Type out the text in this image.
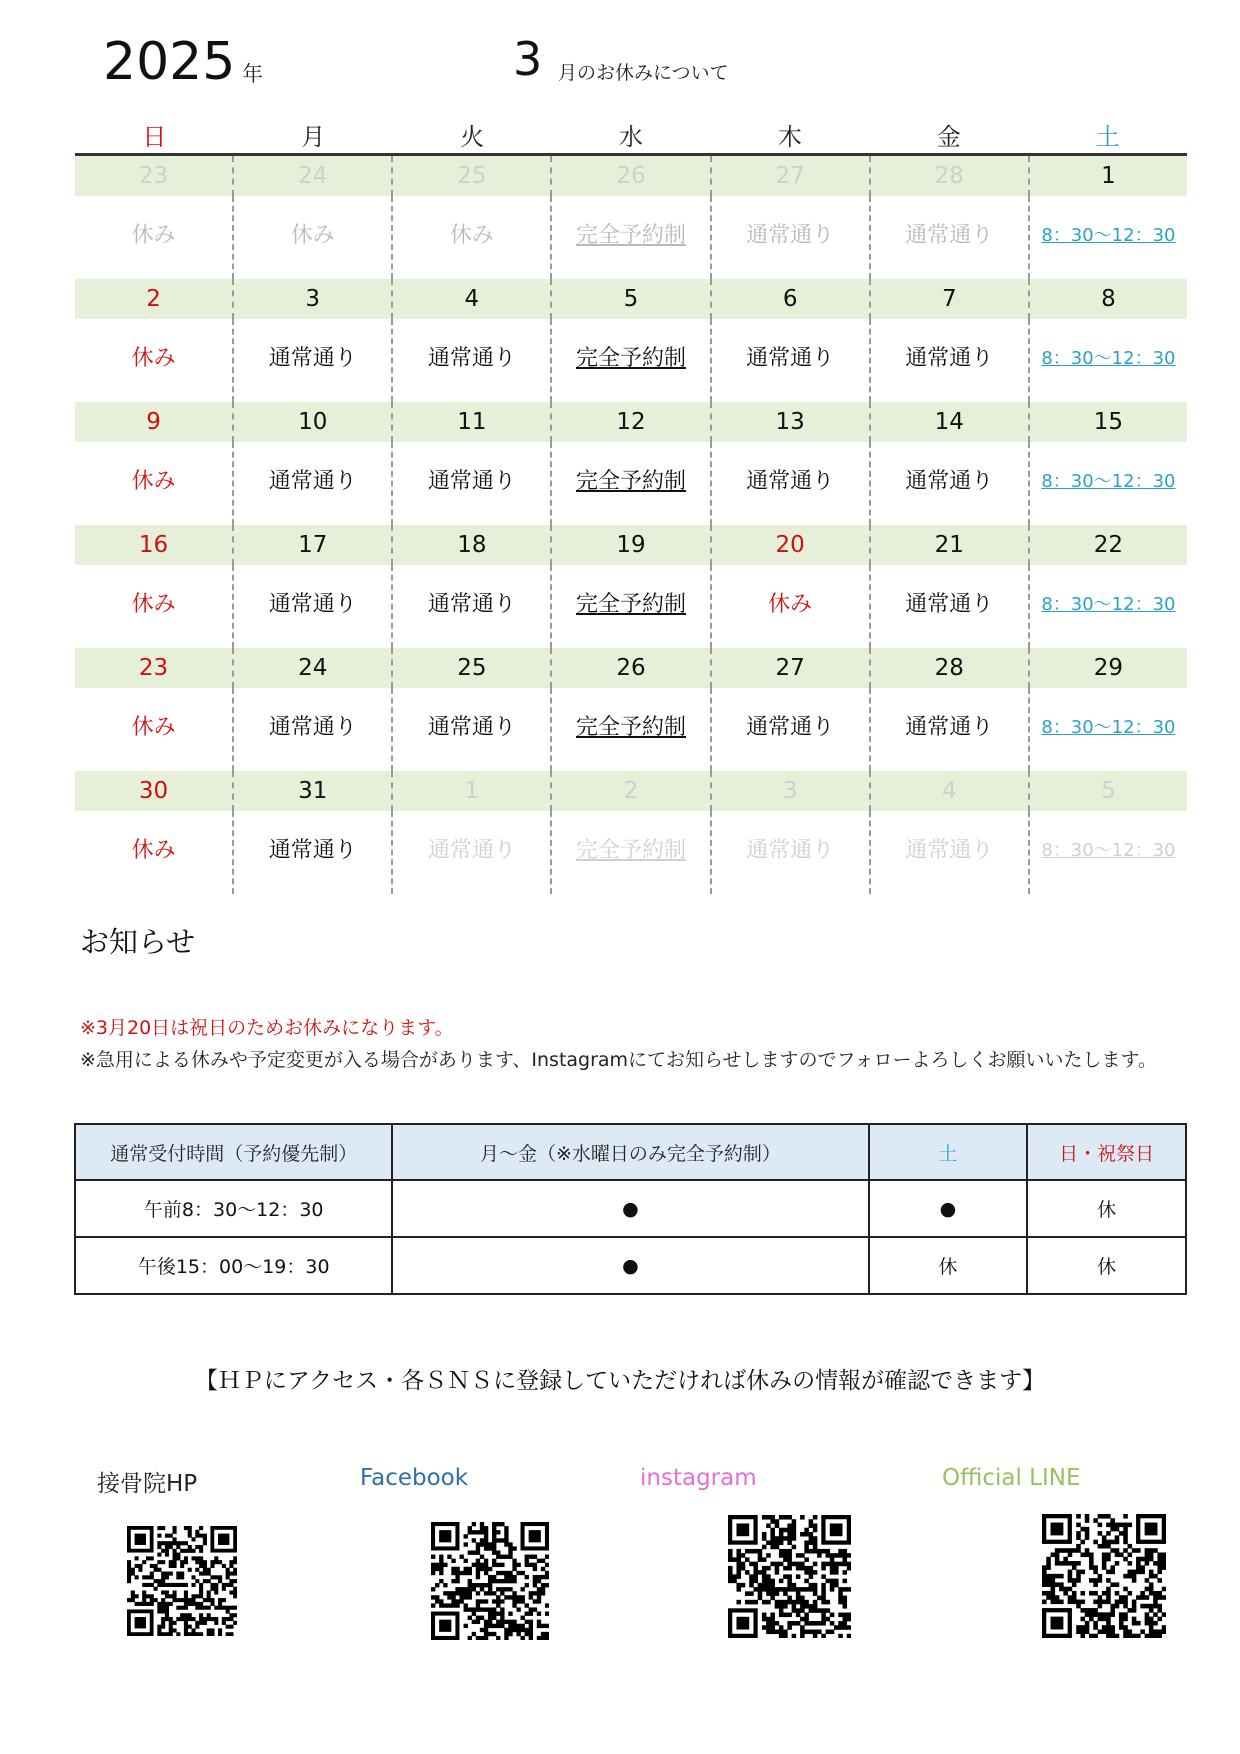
2025 年	3 月のお休みについて
日	月	火	水	木	金	土
23	24	25	26	27	28	1
休み	休み	休み	完全予約制	通常通り	通常通り	8：30～12：30
2	3	4	5	6	7	8
休み	通常通り	通常通り	完全予約制	通常通り	通常通り	8：30～12：30
9	10	11	12	13	14	15
休み	通常通り	通常通り	完全予約制	通常通り	通常通り	8：30～12：30
16	17	18	19	20	21	22
休み	通常通り	通常通り	完全予約制	休み	通常通り	8：30～12：30
23	24	25	26	27	28	29
休み	通常通り	通常通り	完全予約制	通常通り	通常通り	8：30～12：30
30	31	1	2	3	4	5
休み	通常通り	通常通り	完全予約制	通常通り	通常通り	8：30～12：30
お知らせ
※3月20日は祝日のためお休みになります。
※急用による休みや予定変更が入る場合があります、Instagramにてお知らせしますのでフォローよろしくお願いいたします。
通常受付時間（予約優先制）	月～金（※水曜日のみ完全予約制）	土	日・祝祭日
午前8：30～12：30	●	●	休
午後15：00～19：30	●	休	休
【ＨＰにアクセス・各ＳＮＳに登録していただければ休みの情報が確認できます】
接骨院HP	Facebook	instagram	Official LINE
